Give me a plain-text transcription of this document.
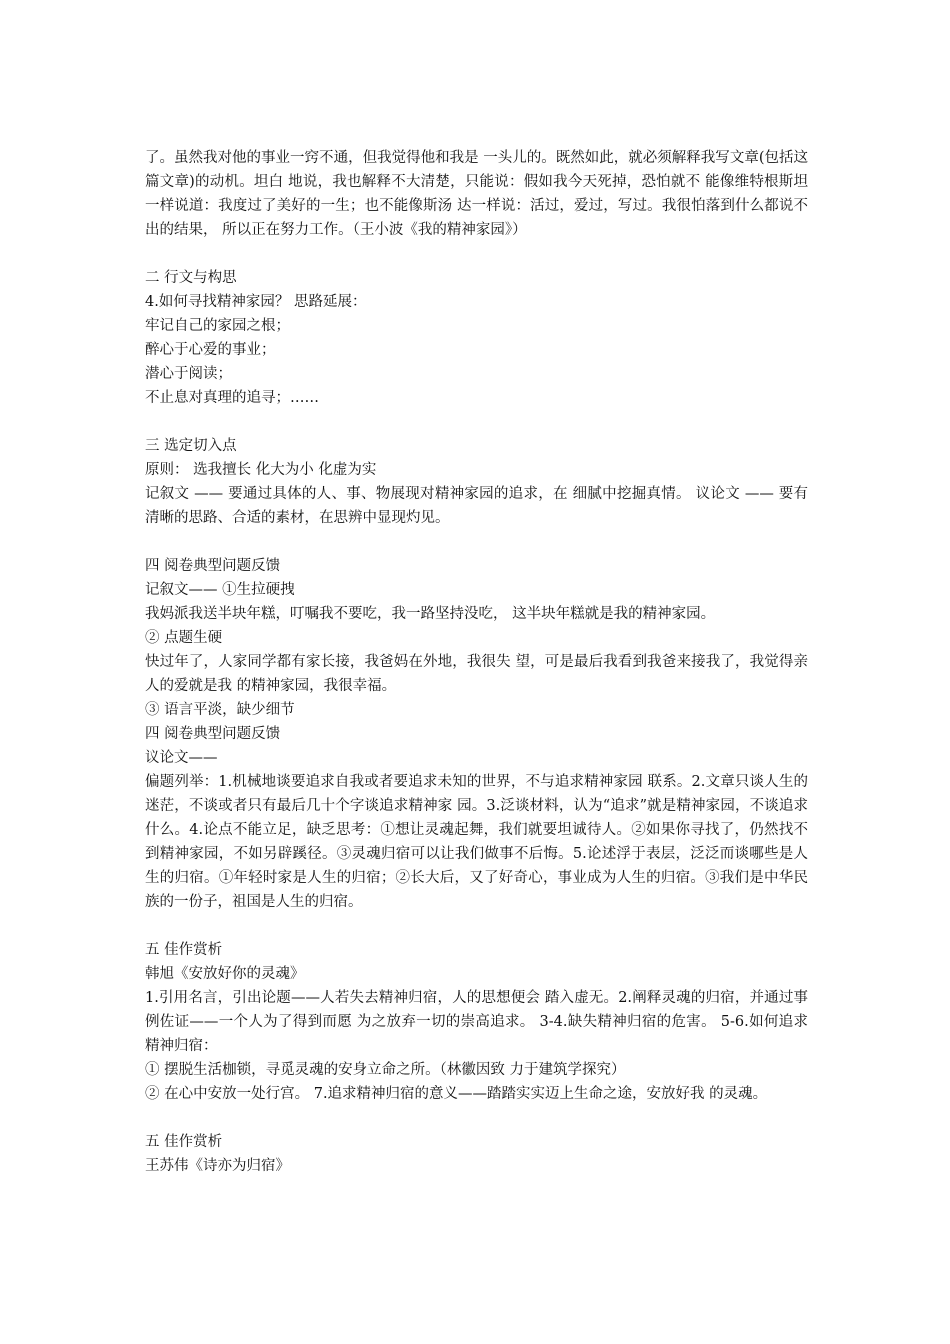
了。虽然我对他的事业一窍不通，但我觉得他和我是 一头儿的。既然如此，就必须解释我写文章(包括这篇文章)的动机。坦白 地说，我也解释不大清楚，只能说：假如我今天死掉，恐怕就不 能像维特根斯坦一样说道：我度过了美好的一生；也不能像斯汤 达一样说：活过，爱过，写过。我很怕落到什么都说不出的结果， 所以正在努力工作。（王小波《我的精神家园》）

二 行文与构思

4.如何寻找精神家园？ 思路延展：

牢记自己的家园之根；

醉心于心爱的事业；

潜心于阅读；

不止息对真理的追寻；……

三 选定切入点

原则： 选我擅长 化大为小 化虚为实

记叙文 —— 要通过具体的人、事、物展现对精神家园的追求，在 细腻中挖掘真情。 议论文 —— 要有清晰的思路、合适的素材，在思辨中显现灼见。

四 阅卷典型问题反馈

记叙文—— ①生拉硬拽

我妈派我送半块年糕，叮嘱我不要吃，我一路坚持没吃， 这半块年糕就是我的精神家园。

② 点题生硬

快过年了，人家同学都有家长接，我爸妈在外地，我很失 望，可是最后我看到我爸来接我了，我觉得亲人的爱就是我 的精神家园，我很幸福。

③ 语言平淡，缺少细节

四 阅卷典型问题反馈

议论文——

偏题列举：1.机械地谈要追求自我或者要追求未知的世界，不与追求精神家园 联系。2.文章只谈人生的迷茫，不谈或者只有最后几十个字谈追求精神家 园。3.泛谈材料，认为“追求”就是精神家园，不谈追求什么。4.论点不能立足，缺乏思考：①想让灵魂起舞，我们就要坦诚待人。②如果你寻找了，仍然找不到精神家园，不如另辟蹊径。③灵魂归宿可以让我们做事不后悔。5.论述浮于表层，泛泛而谈哪些是人生的归宿。①年轻时家是人生的归宿；②长大后，又了好奇心，事业成为人生的归宿。③我们是中华民族的一份子，祖国是人生的归宿。

五 佳作赏析

韩旭《安放好你的灵魂》

1.引用名言，引出论题——人若失去精神归宿，人的思想便会 踏入虚无。2.阐释灵魂的归宿，并通过事例佐证——一个人为了得到而愿 为之放弃一切的崇高追求。 3-4.缺失精神归宿的危害。 5-6.如何追求精神归宿：

① 摆脱生活枷锁，寻觅灵魂的安身立命之所。（林徽因致 力于建筑学探究）

② 在心中安放一处行宫。 7.追求精神归宿的意义——踏踏实实迈上生命之途，安放好我 的灵魂。

五 佳作赏析

王苏伟《诗亦为归宿》
